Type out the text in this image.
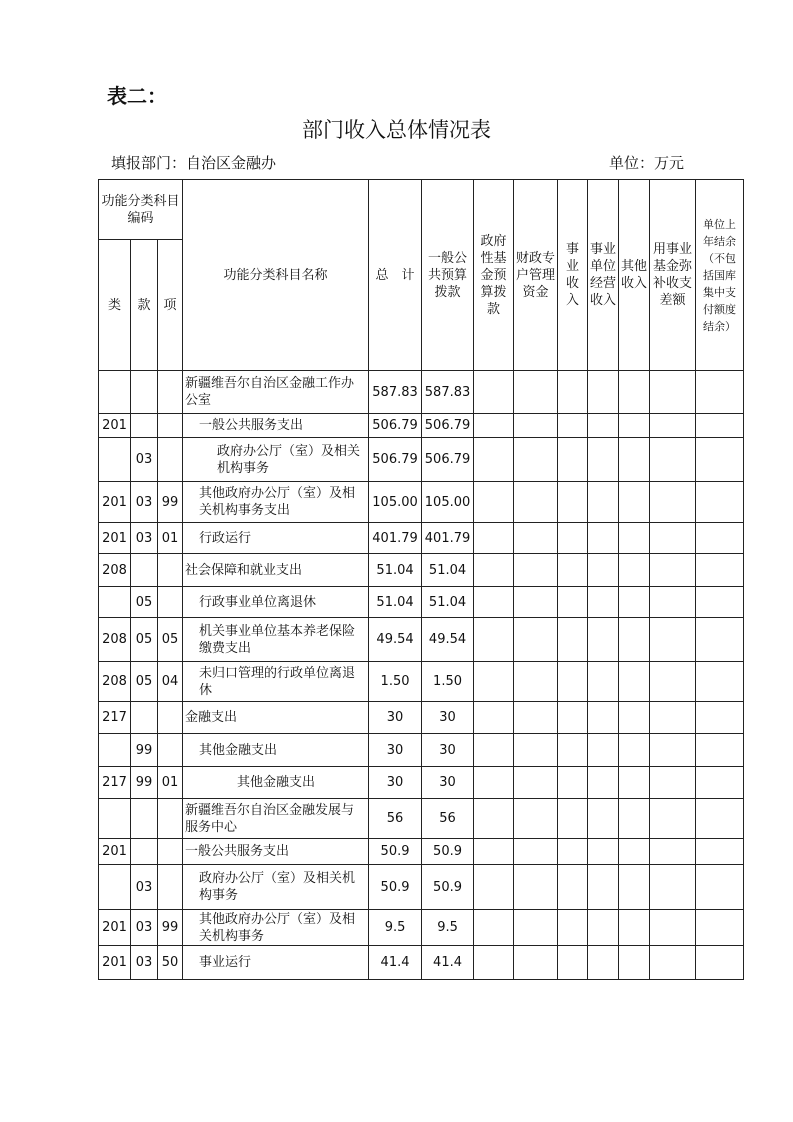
表二：
部门收入总体情况表
填报部门：自治区金融办	单位：万元
功能分类科目编码			功能分类科目名称	总　计	一般公共预算拨款	政府性基金预算拨款	财政专户管理资金	事业收入	事业单位经营收入	其他收入	用事业基金弥补收支差额	单位上年结余（不包括国库集中支付额度结余）
类	款	项										
			新疆维吾尔自治区金融工作办公室	587.83	587.83							
201			一般公共服务支出	506.79	506.79							
	03		政府办公厅（室）及相关机构事务	506.79	506.79							
201	03	99	其他政府办公厅（室）及相关机构事务支出	105.00	105.00							
201	03	01	行政运行	401.79	401.79							
208			社会保障和就业支出	51.04	51.04							
	05		行政事业单位离退休	51.04	51.04							
208	05	05	机关事业单位基本养老保险缴费支出	49.54	49.54							
208	05	04	未归口管理的行政单位离退休	1.50	1.50							
217			金融支出	30	30							
	99		其他金融支出	30	30							
217	99	01	其他金融支出	30	30							
			新疆维吾尔自治区金融发展与服务中心	56	56							
201			一般公共服务支出	50.9	50.9							
	03		政府办公厅（室）及相关机构事务	50.9	50.9							
201	03	99	其他政府办公厅（室）及相关机构事务	9.5	9.5							
201	03	50	事业运行	41.4	41.4							
